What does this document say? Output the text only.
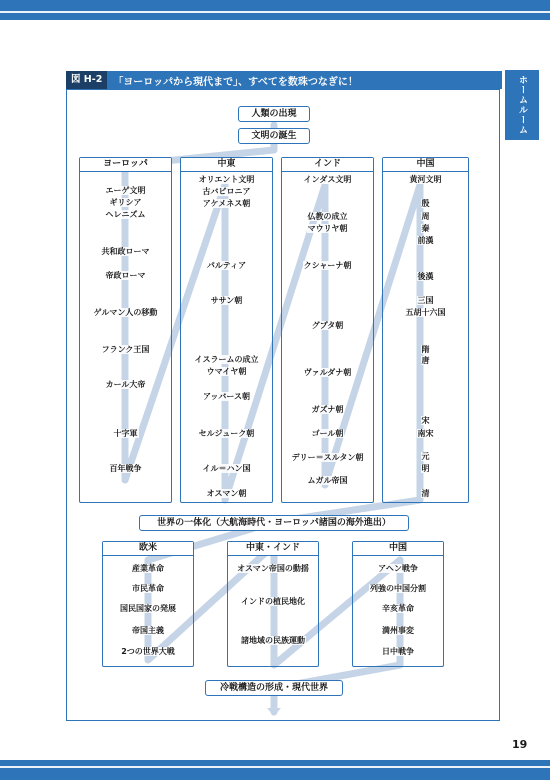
ホームルーム
図 H-2	「ヨーロッパから現代まで」、すべてを数珠つなぎに！
人類の出現
文明の誕生
ヨーロッパ
エーゲ文明
ギリシア
ヘレニズム
共和政ローマ
帝政ローマ
ゲルマン人の移動
フランク王国
カール大帝
十字軍
百年戦争
中東
オリエント文明
古バビロニア
アケメネス朝
パルティア
ササン朝
イスラームの成立
ウマイヤ朝
アッバース朝
セルジューク朝
イル＝ハン国
オスマン朝
インド
インダス文明
仏教の成立
マウリヤ朝
クシャーナ朝
グプタ朝
ヴァルダナ朝
ガズナ朝
ゴール朝
デリー＝スルタン朝
ムガル帝国
中国
黄河文明
殷
周
秦
前漢
後漢
三国
五胡十六国
隋
唐
宋
南宋
元
明
清
世界の一体化（大航海時代・ヨーロッパ諸国の海外進出）
欧米
産業革命
市民革命
国民国家の発展
帝国主義
2つの世界大戦
中東・インド
オスマン帝国の動揺
インドの植民地化
諸地域の民族運動
中国
アヘン戦争
列強の中国分割
辛亥革命
満州事変
日中戦争
冷戦構造の形成・現代世界
19
